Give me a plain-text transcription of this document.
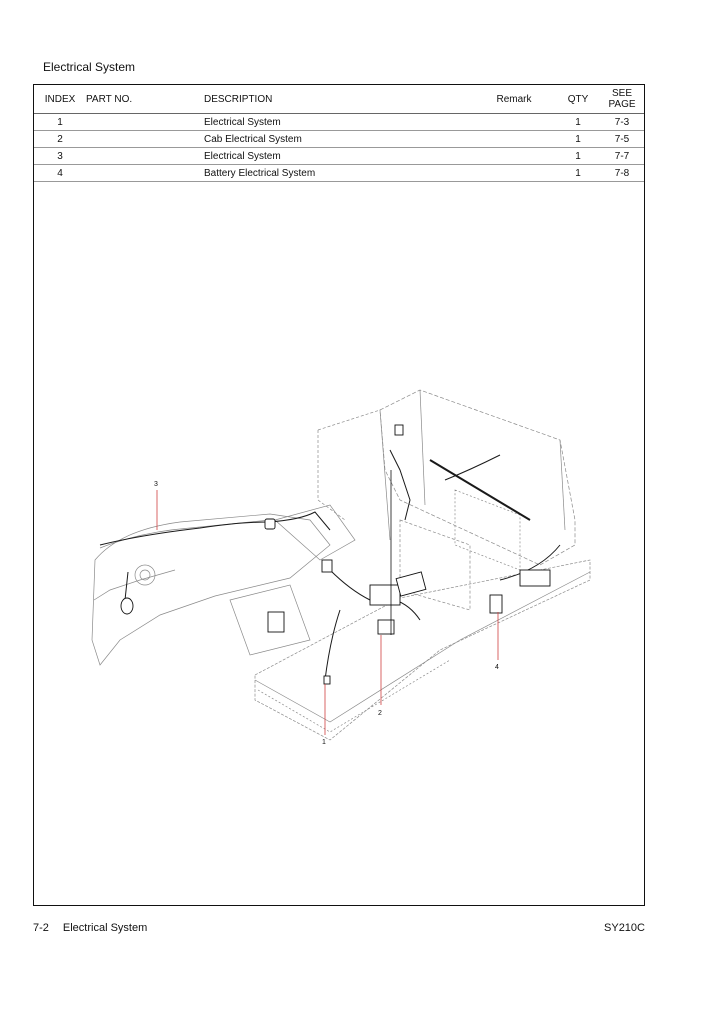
Electrical System
INDEX	PART NO.	DESCRIPTION	Remark	QTY	SEE
PAGE
1		Electrical System		1	7-3
2		Cab Electrical System		1	7-5
3		Electrical System		1	7-7
4		Battery Electrical System		1	7-8
3
1
2
4
7-2 Electrical System	SY210C
